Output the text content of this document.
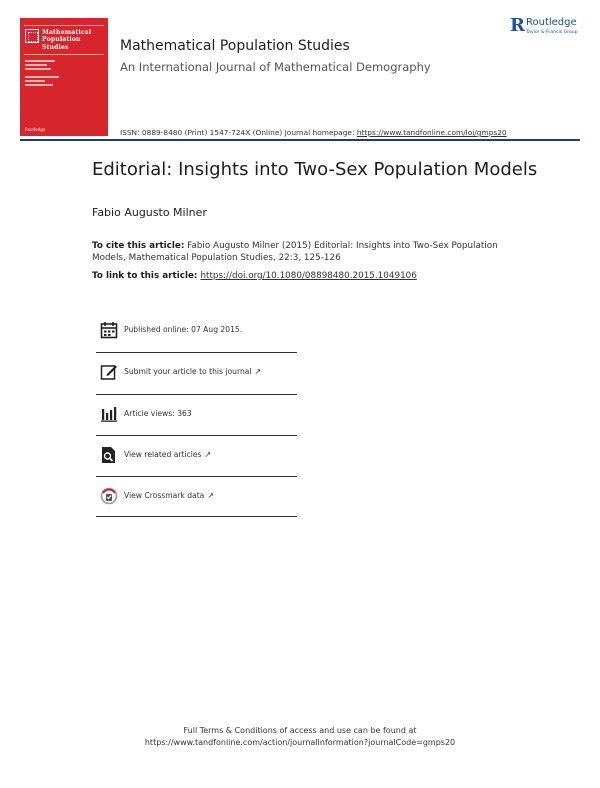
Mathematical
Population
Studies
Routledge
Mathematical Population Studies
An International Journal of Mathematical Demography
ISSN: 0889-8480 (Print) 1547-724X (Online) Journal homepage: https://www.tandfonline.com/loi/gmps20
R Routledge
Taylor & Francis Group
Editorial: Insights into Two-Sex Population Models
Fabio Augusto Milner
To cite this article: Fabio Augusto Milner (2015) Editorial: Insights into Two-Sex Population Models, Mathematical Population Studies, 22:3, 125-126
To link to this article: https://doi.org/10.1080/08898480.2015.1049106
Published online: 07 Aug 2015.
Submit your article to this journal ↗
Article views: 363
View related articles ↗
View Crossmark data ↗
Full Terms & Conditions of access and use can be found at
https://www.tandfonline.com/action/journalInformation?journalCode=gmps20
